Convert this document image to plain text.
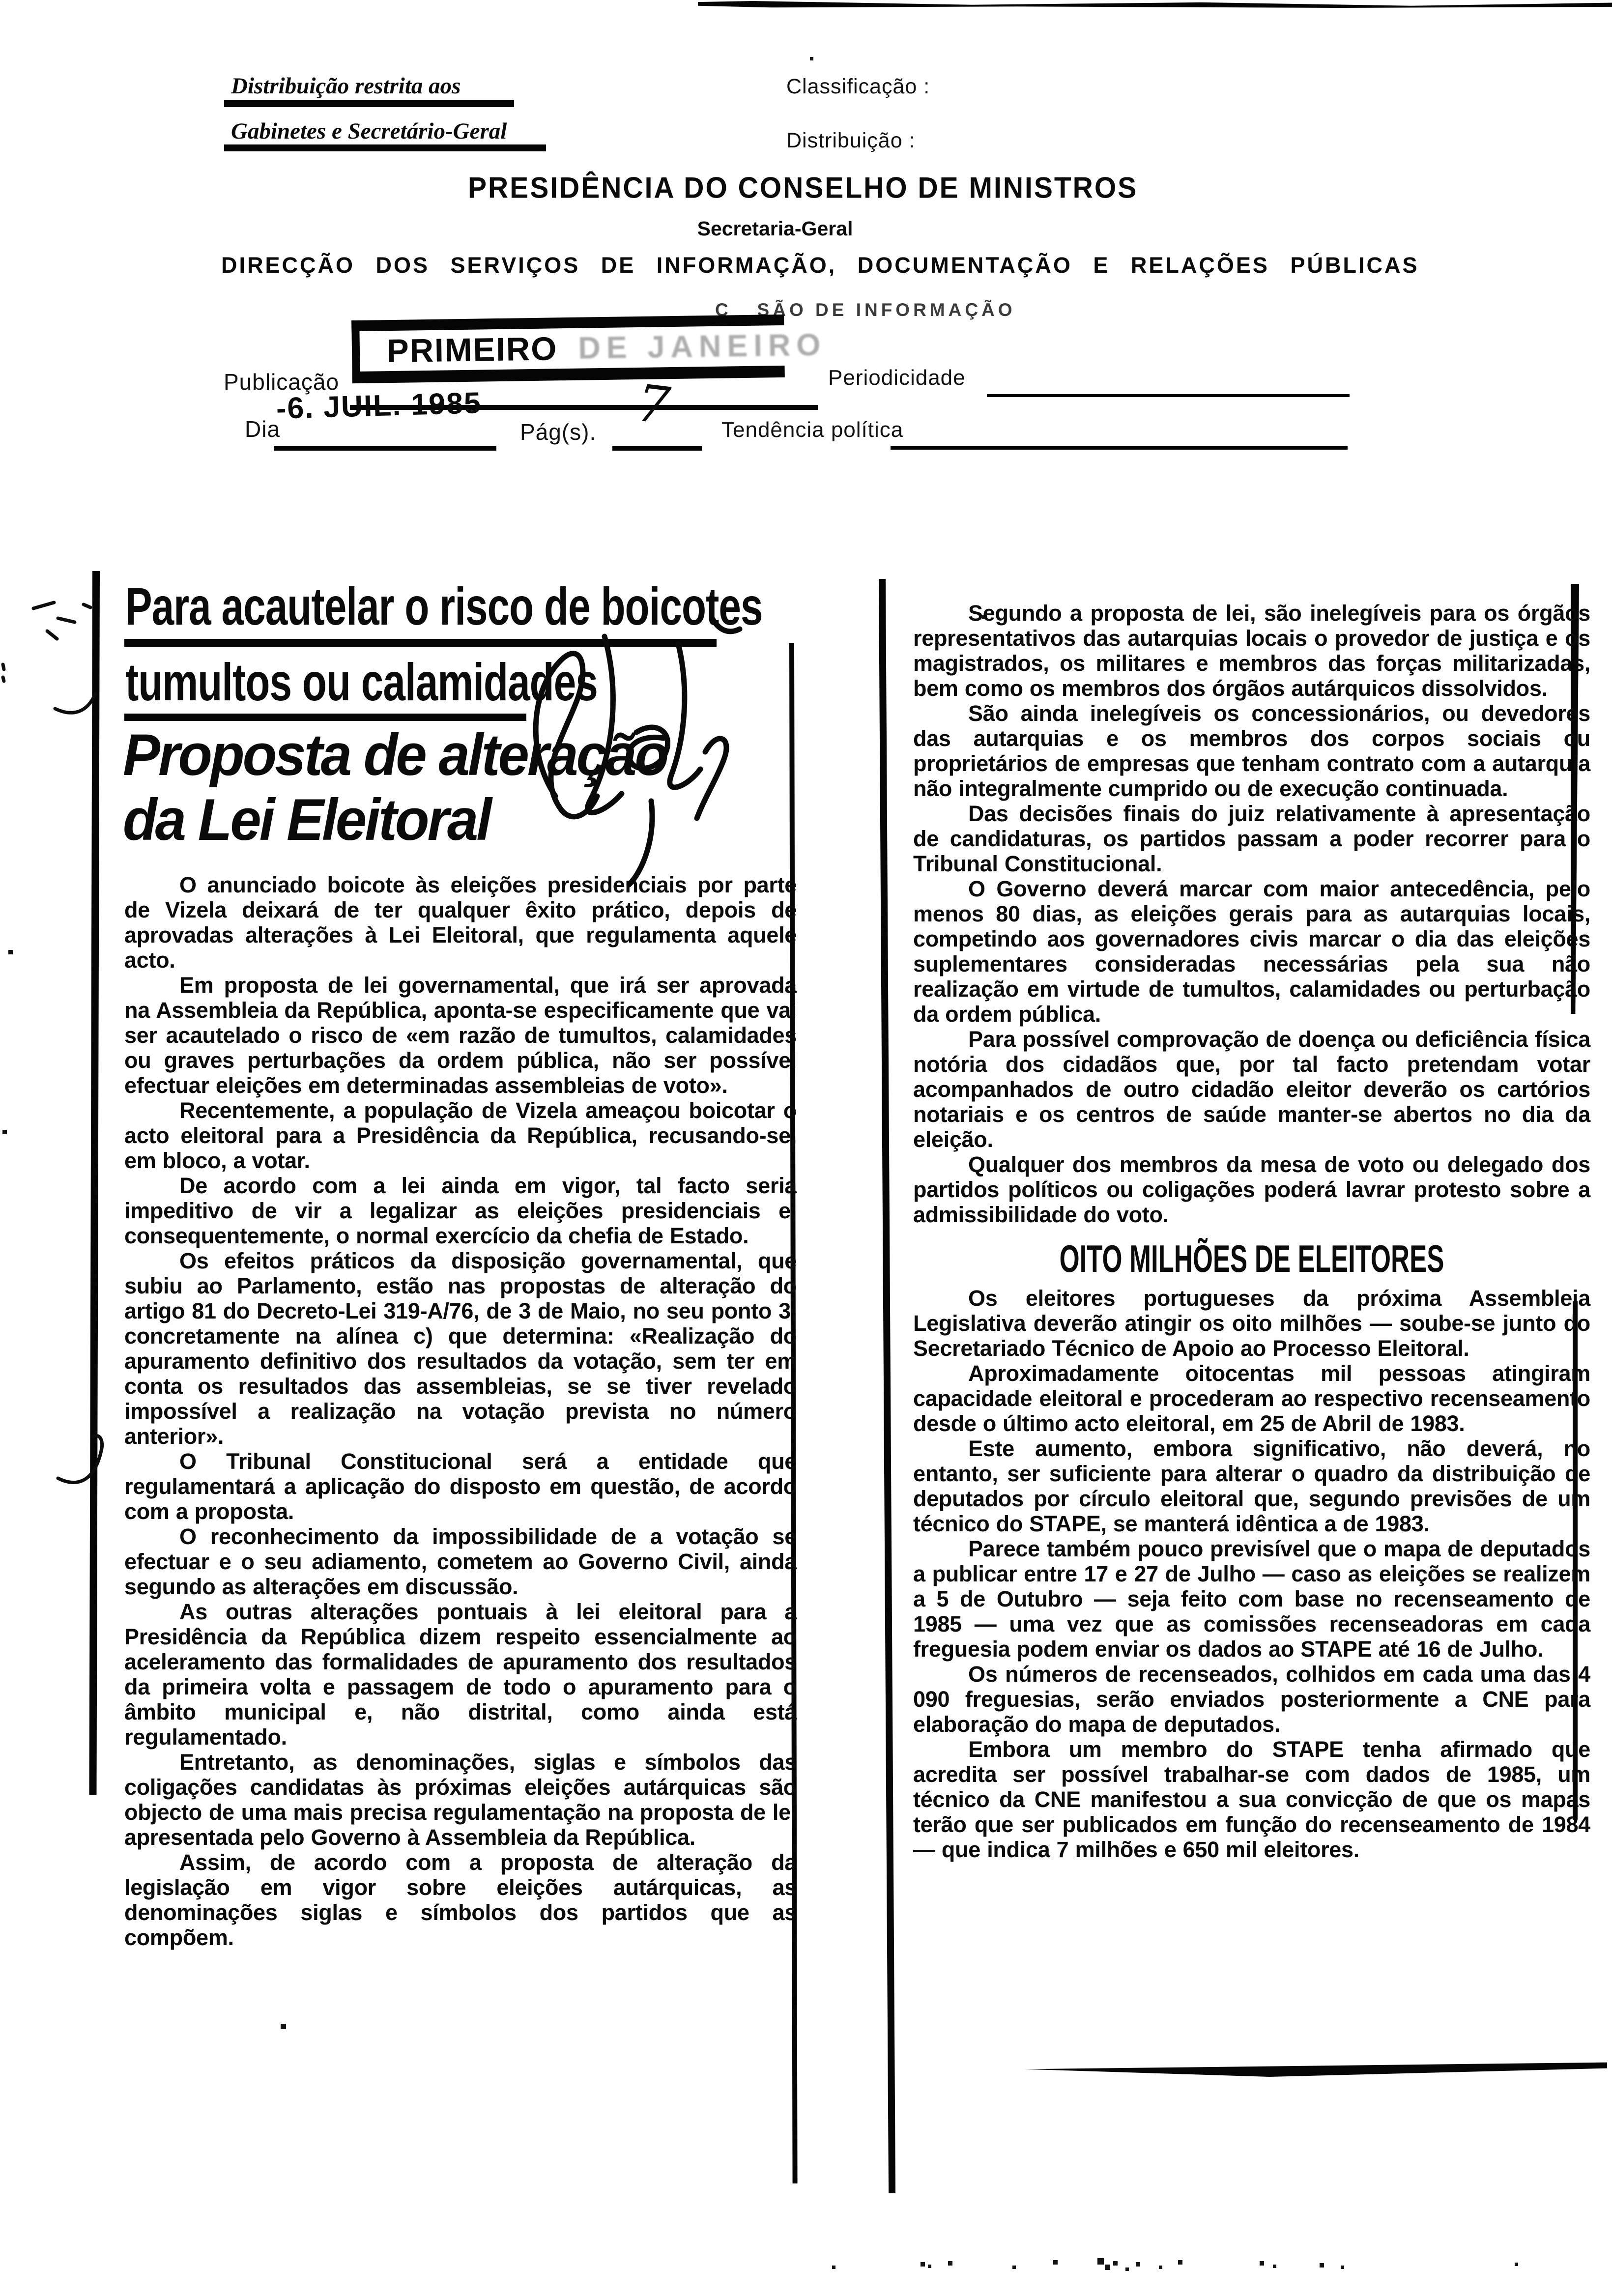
Distribuição restrita aos
Gabinetes e Secretário-Geral
Classificação :
Distribuição :
PRESIDÊNCIA DO CONSELHO DE MINISTROS
Secretaria-Geral
DIRECÇÃO DOS SERVIÇOS DE INFORMAÇÃO, DOCUMENTAÇÃO E RELAÇÕES PÚBLICAS
C   SÃO DE INFORMAÇÃO
PRIMEIRO DE JANEIRO
Publicação	Periodicidade
-6. JUIL. 1985
Dia	Pág(s). 7 Tendência política
Para acautelar o risco de boicotes
tumultos ou calamidades
Proposta de alteração
da Lei Eleitoral

O anunciado boicote às eleições presidenciais por parte de Vizela deixará de ter qualquer êxito prático, depois de aprovadas alterações à Lei Eleitoral, que regulamenta aquele acto.

Em proposta de lei governamental, que irá ser aprovada na Assembleia da República, aponta-se especificamente que vai ser acautelado o risco de «em razão de tumultos, calamidades ou graves perturbações da ordem pública, não ser possível efectuar eleições em determinadas assembleias de voto».

Recentemente, a população de Vizela ameaçou boicotar o acto eleitoral para a Presidência da República, recusando-se, em bloco, a votar.

De acordo com a lei ainda em vigor, tal facto seria impeditivo de vir a legalizar as eleições presidenciais e, consequentemente, o normal exercício da chefia de Estado.

Os efeitos práticos da disposição governamental, que subiu ao Parlamento, estão nas propostas de alteração do artigo 81 do Decreto-Lei 319-A/76, de 3 de Maio, no seu ponto 3, concretamente na alínea c) que determina: «Realização do apuramento definitivo dos resultados da votação, sem ter em conta os resultados das assembleias, se se tiver revelado impossível a realização na votação prevista no número anterior».

O Tribunal Constitucional será a entidade que regulamentará a aplicação do disposto em questão, de acordo com a proposta.

O reconhecimento da impossibilidade de a votação se efectuar e o seu adiamento, cometem ao Governo Civil, ainda segundo as alterações em discussão.

As outras alterações pontuais à lei eleitoral para a Presidência da República dizem respeito essencialmente ao aceleramento das formalidades de apuramento dos resultados da primeira volta e passagem de todo o apuramento para o âmbito municipal e, não distrital, como ainda está regulamentado.

Entretanto, as denominações, siglas e símbolos das coligações candidatas às próximas eleições autárquicas são objecto de uma mais precisa regulamentação na proposta de lei apresentada pelo Governo à Assembleia da República.

Assim, de acordo com a proposta de alteração da legislação em vigor sobre eleições autárquicas, as denominações siglas e símbolos dos partidos que as compõem.

Segundo a proposta de lei, são inelegíveis para os órgãos representativos das autarquias locais o provedor de justiça e os magistrados, os militares e membros das forças militarizadas, bem como os membros dos órgãos autárquicos dissolvidos.

São ainda inelegíveis os concessionários, ou devedores das autarquias e os membros dos corpos sociais ou proprietários de empresas que tenham contrato com a autarquia não integralmente cumprido ou de execução continuada.

Das decisões finais do juiz relativamente à apresentação de candidaturas, os partidos passam a poder recorrer para o Tribunal Constitucional.

O Governo deverá marcar com maior antecedência, pelo menos 80 dias, as eleições gerais para as autarquias locais, competindo aos governadores civis marcar o dia das eleições suplementares consideradas necessárias pela sua não realização em virtude de tumultos, calamidades ou perturbação da ordem pública.

Para possível comprovação de doença ou deficiência física notória dos cidadãos que, por tal facto pretendam votar acompanhados de outro cidadão eleitor deverão os cartórios notariais e os centros de saúde manter-se abertos no dia da eleição.

Qualquer dos membros da mesa de voto ou delegado dos partidos políticos ou coligações poderá lavrar protesto sobre a admissibilidade do voto.

OITO MILHÕES DE ELEITORES

Os eleitores portugueses da próxima Assembleia Legislativa deverão atingir os oito milhões — soube-se junto do Secretariado Técnico de Apoio ao Processo Eleitoral.

Aproximadamente oitocentas mil pessoas atingiram capacidade eleitoral e procederam ao respectivo recenseamento desde o último acto eleitoral, em 25 de Abril de 1983.

Este aumento, embora significativo, não deverá, no entanto, ser suficiente para alterar o quadro da distribuição de deputados por círculo eleitoral que, segundo previsões de um técnico do STAPE, se manterá idêntica a de 1983.

Parece também pouco previsível que o mapa de deputados a publicar entre 17 e 27 de Julho — caso as eleições se realizem a 5 de Outubro — seja feito com base no recenseamento de 1985 — uma vez que as comissões recenseadoras em cada freguesia podem enviar os dados ao STAPE até 16 de Julho.

Os números de recenseados, colhidos em cada uma das 4 090 freguesias, serão enviados posteriormente a CNE para elaboração do mapa de deputados.

Embora um membro do STAPE tenha afirmado que acredita ser possível trabalhar-se com dados de 1985, um técnico da CNE manifestou a sua convicção de que os mapas terão que ser publicados em função do recenseamento de 1984 — que indica 7 milhões e 650 mil eleitores.
